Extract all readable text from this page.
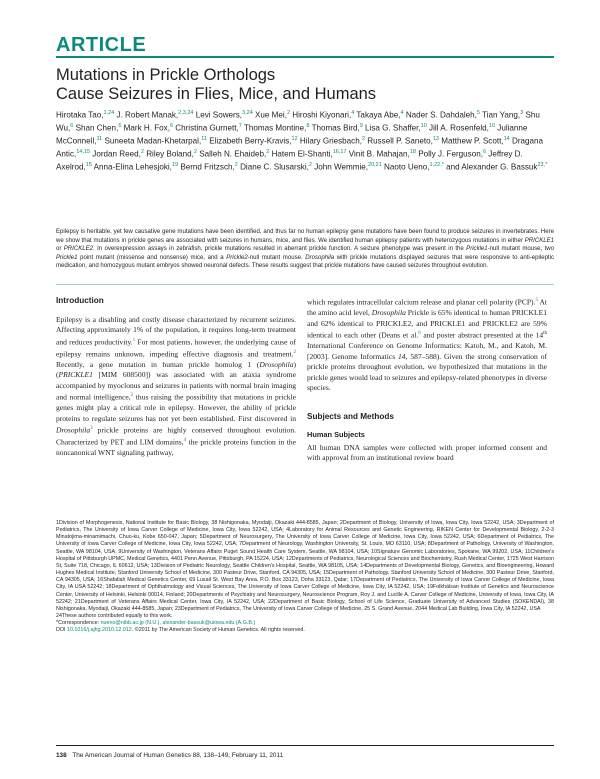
ARTICLE
Mutations in Prickle Orthologs
Cause Seizures in Flies, Mice, and Humans
Hirotaka Tao,$^{1,24}$ J. Robert Manak,$^{2,3,24}$ Levi Sowers,$^{3,24}$ Xue Mei,$^2$ Hiroshi Kiyonari,$^4$ Takaya Abe,$^4$ Nader S. Dahdaleh,$^5$ Tian Yang,$^3$ Shu Wu,$^6$ Shan Chen,$^6$ Mark H. Fox,$^6$ Christina Gurnett,$^7$ Thomas Montine,$^8$ Thomas Bird,$^9$ Lisa G. Shaffer,$^{10}$ Jill A. Rosenfeld,$^{10}$ Julianne McConnell,$^{11}$ Suneeta Madan-Khetarpal,$^{11}$ Elizabeth Berry-Kravis,$^{12}$ Hilary Griesbach,$^2$ Russell P. Saneto,$^{13}$ Matthew P. Scott,$^{14}$ Dragana Antic,$^{14,15}$ Jordan Reed,$^2$ Riley Boland,$^2$ Salleh N. Ehaideb,$^2$ Hatem El-Shanti,$^{16,17}$ Vinit B. Mahajan,$^{18}$ Polly J. Ferguson,$^6$ Jeffrey D. Axelrod,$^{15}$ Anna-Elina Lehesjoki,$^{19}$ Bernd Fritzsch,$^2$ Diane C. Slusarski,$^2$ John Wemmie,$^{20,21}$ Naoto Ueno,$^{1,22,*}$ and Alexander G. Bassuk$^{23,*}$
Epilepsy is heritable, yet few causative gene mutations have been identified, and thus far no human epilepsy gene mutations have been found to produce seizures in invertebrates. Here we show that mutations in prickle genes are associated with seizures in humans, mice, and flies. We identified human epilepsy patients with heterozygous mutations in either PRICKLE1 or PRICKLE2. In overexpression assays in zebrafish, prickle mutations resulted in aberrant prickle function. A seizure phenotype was present in the Prickle1-null mutant mouse, two Prickle1 point mutant (missense and nonsense) mice, and a Prickle2-null mutant mouse. Drosophila with prickle mutations displayed seizures that were responsive to anti-epileptic medication, and homozygous mutant embryos showed neuronal defects. These results suggest that prickle mutations have caused seizures throughout evolution.
Introduction

Epilepsy is a disabling and costly disease characterized by recurrent seizures. Affecting approximately 1% of the population, it requires long-term treatment and reduces productivity.$^1$ For most patients, however, the underlying cause of epilepsy remains unknown, impeding effective diagnosis and treatment.$^2$ Recently, a gene mutation in human prickle homolog 1 (Drosophila) (PRICKLE1 [MIM 608500]) was associated with an ataxia syndrome accompanied by myoclonus and seizures in patients with normal brain imaging and normal intelligence,$^2$ thus raising the possibility that mutations in prickle genes might play a critical role in epilepsy. However, the ability of prickle proteins to regulate seizures has not yet been established. First discovered in Drosophila$^3$ prickle proteins are highly conserved throughout evolution. Characterized by PET and LIM domains,$^4$ the prickle proteins function in the noncanonical WNT signaling pathway,

which regulates intracellular calcium release and planar cell polarity (PCP).$^5$ At the amino acid level, Drosophila Prickle is 65% identical to human PRICKLE1 and 62% identical to PRICKLE2, and PRICKLE1 and PRICKLE2 are 59% identical to each other (Deans et al.$^6$ and poster abstract presented at the 14th International Conference on Genome Informatics: Katoh, M., and Katoh, M. [2003]. Genome Informatics 14, 587–588). Given the strong conservation of prickle proteins throughout evolution, we hypothesized that mutations in the prickle genes would lead to seizures and epilepsy-related phenotypes in diverse species.

Subjects and Methods
Human Subjects

All human DNA samples were collected with proper informed consent and with approval from an institutional review board

1Division of Morphogenesis, National Institute for Basic Biology, 38 Nishigonaka, Myodaiji, Okazaki 444-8585, Japan; 2Department of Biology, University of Iowa, Iowa City, Iowa 52242, USA; 3Department of Pediatrics, The University of Iowa Carver College of Medicine, Iowa City, Iowa 52242, USA; 4Laboratory for Animal Resources and Genetic Engineering, RIKEN Center for Developmental Biology, 2-2-3 Minatojima-minamimachi, Chuo-ku, Kobe 650-047, Japan; 5Department of Neurosurgery, The University of Iowa Carver College of Medicine, Iowa City, Iowa 52242, USA; 6Department of Pediatrics, The University of Iowa Carver College of Medicine, Iowa City, Iowa 52242, USA; 7Department of Neurology, Washington University, St. Louis, MO 63110, USA; 8Department of Pathology, University of Washington, Seattle, WA 98104, USA; 9University of Washington, Veterans Affairs Puget Sound Health Care System, Seattle, WA 98104, USA; 10Signature Genomic Laboratories, Spokane, WA 99202, USA; 11Children's Hospital of Pittsburgh UPMC, Medical Genetics, 4401 Penn Avenue, Pittsburgh, PA 15224, USA; 12Departments of Pediatrics, Neurological Sciences and Biochemistry, Rush Medical Center, 1725 West Harrison St, Suite 718, Chicago, IL 60612, USA; 13Division of Pediatric Neurology, Seattle Children's Hospital, Seattle, WA 98105, USA; 14Departments of Developmental Biology, Genetics, and Bioengineering, Howard Hughes Medical Institute, Stanford University School of Medicine, 300 Pasteur Drive, Stanford, CA 94305, USA; 15Department of Pathology, Stanford University School of Medicine, 300 Pasteur Drive, Stanford, CA 94305, USA; 16Shafallah Medical Genetics Center, 69 Lusail St. West Bay Area, P.O. Box 33123, Doha 33123, Qatar; 17Department of Pediatrics, The University of Iowa Carver College of Medicine, Iowa City, IA USA 52242; 18Department of Ophthalmology and Visual Sciences, The University of Iowa Carver College of Medicine, Iowa City, IA 52242, USA; 19Folkhälsan Institute of Genetics and Neuroscience Center, University of Helsinki, Helsinki 00014, Finland; 20Departments of Psychiatry and Neurosurgery, Neuroscience Program, Roy J. and Lucille A. Carver College of Medicine, University of Iowa, Iowa City, IA 52242; 21Department of Veterans Affairs Medical Center, Iowa City, IA 52242, USA; 22Department of Basic Biology, School of Life Science, Graduate University of Advanced Studies (SOKENDAI), 38 Nishigonaka, Myodaiji, Okazaki 444-8585, Japan; 23Department of Pediatrics, The University of Iowa Carver College of Medicine, 25 S. Grand Avenue, 2044 Medical Lab Building, Iowa City, IA 52242, USA
24These authors contributed equally to this work.
*Correspondence: nueno@nibb.ac.jp (N.U.), alexander-bassuk@uiowa.edu (A.G.B.)
DOI 10.1016/j.ajhg.2010.12.012. ©2011 by The American Society of Human Genetics. All rights reserved.
138 The American Journal of Human Genetics 88, 138–149, February 11, 2011
